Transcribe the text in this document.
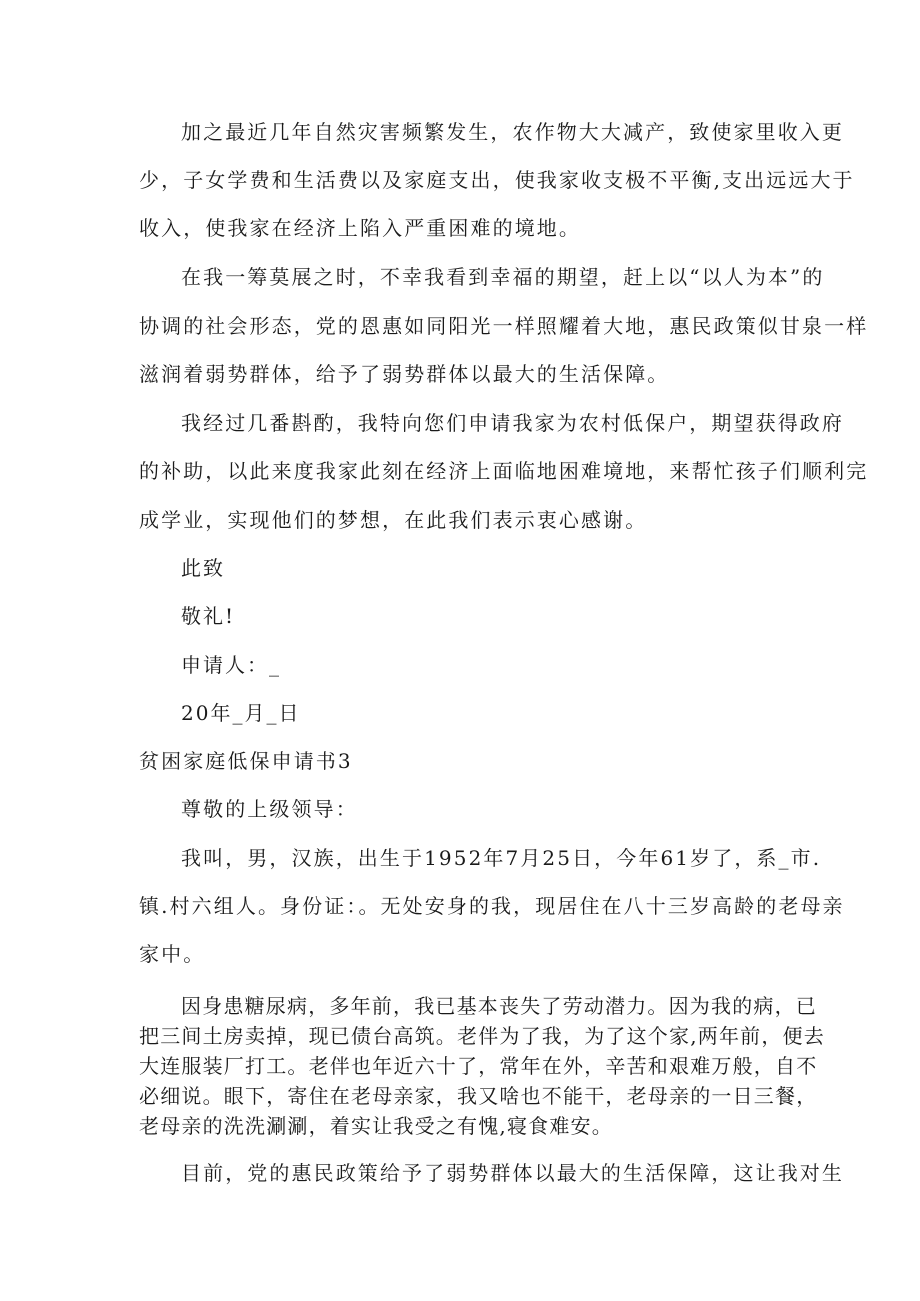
加之最近几年自然灾害频繁发生，农作物大大减产，致使家里收入更
少，子女学费和生活费以及家庭支出，使我家收支极不平衡,支出远远大于
收入，使我家在经济上陷入严重困难的境地。
在我一筹莫展之时，不幸我看到幸福的期望，赶上以“以人为本”的
协调的社会形态，党的恩惠如同阳光一样照耀着大地，惠民政策似甘泉一样
滋润着弱势群体，给予了弱势群体以最大的生活保障。
我经过几番斟酌，我特向您们申请我家为农村低保户，期望获得政府
的补助，以此来度我家此刻在经济上面临地困难境地，来帮忙孩子们顺利完
成学业，实现他们的梦想，在此我们表示衷心感谢。
此致
敬礼!
申请人：_
20年_月_日
贫困家庭低保申请书3
尊敬的上级领导：
我叫，男，汉族，出生于1952年7月25日，今年61岁了，系_市.
镇.村六组人。身份证：。无处安身的我，现居住在八十三岁高龄的老母亲
家中。
因身患糖尿病，多年前，我已基本丧失了劳动潜力。因为我的病，已
把三间土房卖掉，现已债台高筑。老伴为了我，为了这个家,两年前，便去
大连服装厂打工。老伴也年近六十了，常年在外，辛苦和艰难万般，自不
必细说。眼下，寄住在老母亲家，我又啥也不能干，老母亲的一日三餐，
老母亲的洗洗涮涮，着实让我受之有愧,寝食难安。
目前，党的惠民政策给予了弱势群体以最大的生活保障，这让我对生
